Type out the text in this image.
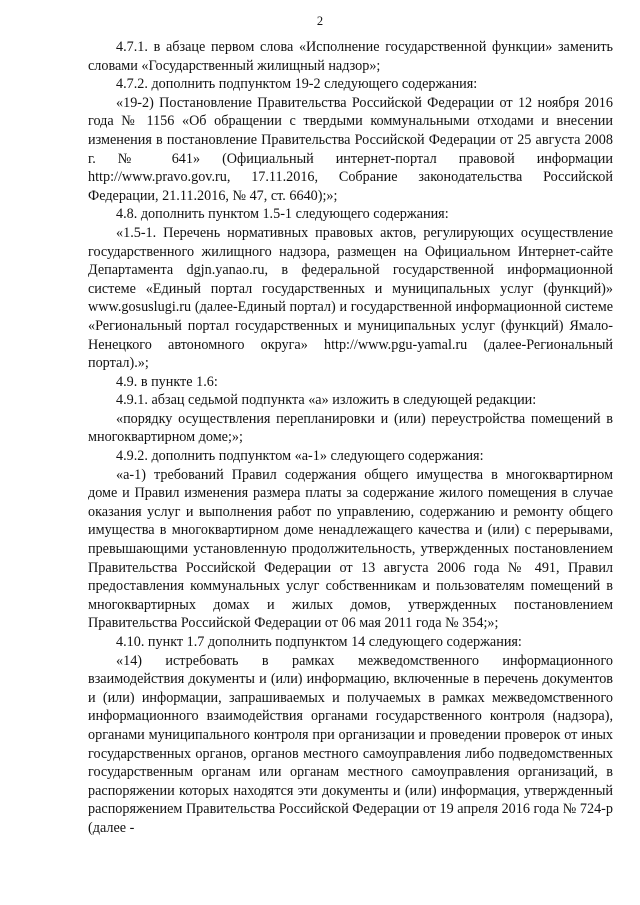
2

4.7.1. в абзаце первом слова «Исполнение государственной функции» заменить словами «Государственный жилищный надзор»;

4.7.2. дополнить подпунктом 19-2 следующего содержания:

«19-2) Постановление Правительства Российской Федерации от 12 ноября 2016 года № 1156 «Об обращении с твердыми коммунальными отходами и внесении изменения в постановление Правительства Российской Федерации от 25 августа 2008 г. № 641» (Официальный интернет-портал правовой информации http://www.pravo.gov.ru, 17.11.2016, Собрание законодательства Российской Федерации, 21.11.2016, № 47, ст. 6640);»;

4.8. дополнить пунктом 1.5-1 следующего содержания:

«1.5-1. Перечень нормативных правовых актов, регулирующих осуществление государственного жилищного надзора, размещен на Официальном Интернет-сайте Департамента dgjn.yanao.ru, в федеральной государственной информационной системе «Единый портал государственных и муниципальных услуг (функций)» www.gosuslugi.ru (далее-Единый портал) и государственной информационной системе «Региональный портал государственных и муниципальных услуг (функций) Ямало-Ненецкого автономного округа» http://www.pgu-yamal.ru (далее-Региональный портал).»;

4.9. в пункте 1.6:

4.9.1. абзац седьмой подпункта «а» изложить в следующей редакции:

«порядку осуществления перепланировки и (или) переустройства помещений в многоквартирном доме;»;

4.9.2. дополнить подпунктом «а-1» следующего содержания:

«а-1) требований Правил содержания общего имущества в многоквартирном доме и Правил изменения размера платы за содержание жилого помещения в случае оказания услуг и выполнения работ по управлению, содержанию и ремонту общего имущества в многоквартирном доме ненадлежащего качества и (или) с перерывами, превышающими установленную продолжительность, утвержденных постановлением Правительства Российской Федерации от 13 августа 2006 года № 491, Правил предоставления коммунальных услуг собственникам и пользователям помещений в многоквартирных домах и жилых домов, утвержденных постановлением Правительства Российской Федерации от 06 мая 2011 года № 354;»;

4.10. пункт 1.7 дополнить подпунктом 14 следующего содержания:

«14) истребовать в рамках межведомственного информационного взаимодействия документы и (или) информацию, включенные в перечень документов и (или) информации, запрашиваемых и получаемых в рамках межведомственного информационного взаимодействия органами государственного контроля (надзора), органами муниципального контроля при организации и проведении проверок от иных государственных органов, органов местного самоуправления либо подведомственных государственным органам или органам местного самоуправления организаций, в распоряжении которых находятся эти документы и (или) информация, утвержденный распоряжением Правительства Российской Федерации от 19 апреля 2016 года № 724-р (далее -
